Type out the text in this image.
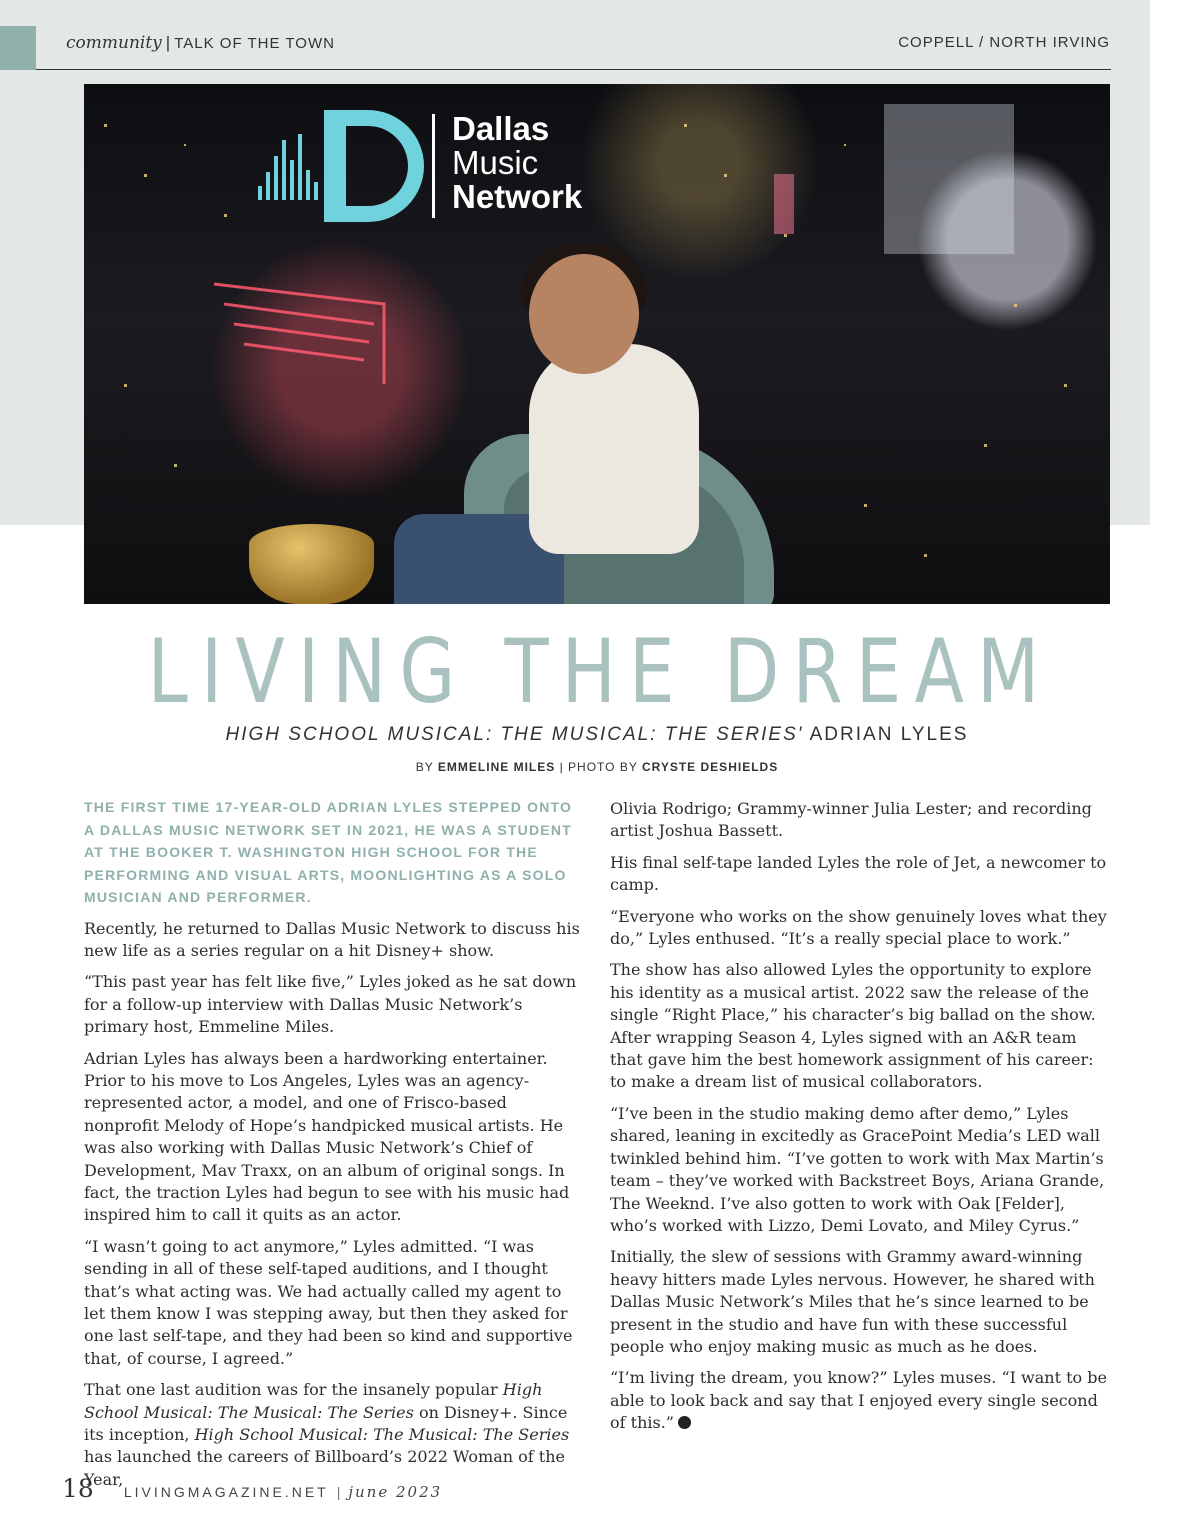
community | TALK OF THE TOWN	COPPELL / NORTH IRVING
Dallas
Music
Network
LIVING THE DREAM
HIGH SCHOOL MUSICAL: THE MUSICAL: THE SERIES' ADRIAN LYLES
BY EMMELINE MILES | PHOTO BY CRYSTE DESHIELDS

THE FIRST TIME 17-YEAR-OLD ADRIAN LYLES STEPPED ONTO A DALLAS MUSIC NETWORK SET IN 2021, HE WAS A STUDENT AT THE BOOKER T. WASHINGTON HIGH SCHOOL FOR THE PERFORMING AND VISUAL ARTS, MOONLIGHTING AS A SOLO MUSICIAN AND PERFORMER.

Recently, he returned to Dallas Music Network to discuss his new life as a series regular on a hit Disney+ show.

“This past year has felt like five,” Lyles joked as he sat down for a follow-up interview with Dallas Music Network’s primary host, Emmeline Miles.

Adrian Lyles has always been a hardworking entertainer. Prior to his move to Los Angeles, Lyles was an agency-represented actor, a model, and one of Frisco-based nonprofit Melody of Hope’s handpicked musical artists. He was also working with Dallas Music Network’s Chief of Development, Mav Traxx, on an album of original songs. In fact, the traction Lyles had begun to see with his music had inspired him to call it quits as an actor.

“I wasn’t going to act anymore,” Lyles admitted. “I was sending in all of these self-taped auditions, and I thought that’s what acting was. We had actually called my agent to let them know I was stepping away, but then they asked for one last self-tape, and they had been so kind and supportive that, of course, I agreed.”

That one last audition was for the insanely popular High School Musical: The Musical: The Series on Disney+. Since its inception, High School Musical: The Musical: The Series has launched the careers of Billboard’s 2022 Woman of the Year,

Olivia Rodrigo; Grammy-winner Julia Lester; and recording artist Joshua Bassett.

His final self-tape landed Lyles the role of Jet, a newcomer to camp.

“Everyone who works on the show genuinely loves what they do,” Lyles enthused. “It’s a really special place to work.”

The show has also allowed Lyles the opportunity to explore his identity as a musical artist. 2022 saw the release of the single “Right Place,” his character’s big ballad on the show. After wrapping Season 4, Lyles signed with an A&R team that gave him the best homework assignment of his career: to make a dream list of musical collaborators.

“I’ve been in the studio making demo after demo,” Lyles shared, leaning in excitedly as GracePoint Media’s LED wall twinkled behind him. “I’ve gotten to work with Max Martin’s team – they’ve worked with Backstreet Boys, Ariana Grande, The Weeknd. I’ve also gotten to work with Oak [Felder], who’s worked with Lizzo, Demi Lovato, and Miley Cyrus.”

Initially, the slew of sessions with Grammy award-winning heavy hitters made Lyles nervous. However, he shared with Dallas Music Network’s Miles that he’s since learned to be present in the studio and have fun with these successful people who enjoy making music as much as he does.

“I’m living the dream, you know?” Lyles muses. “I want to be able to look back and say that I enjoyed every single second of this.”

18 LIVINGMAGAZINE.NET | june 2023
